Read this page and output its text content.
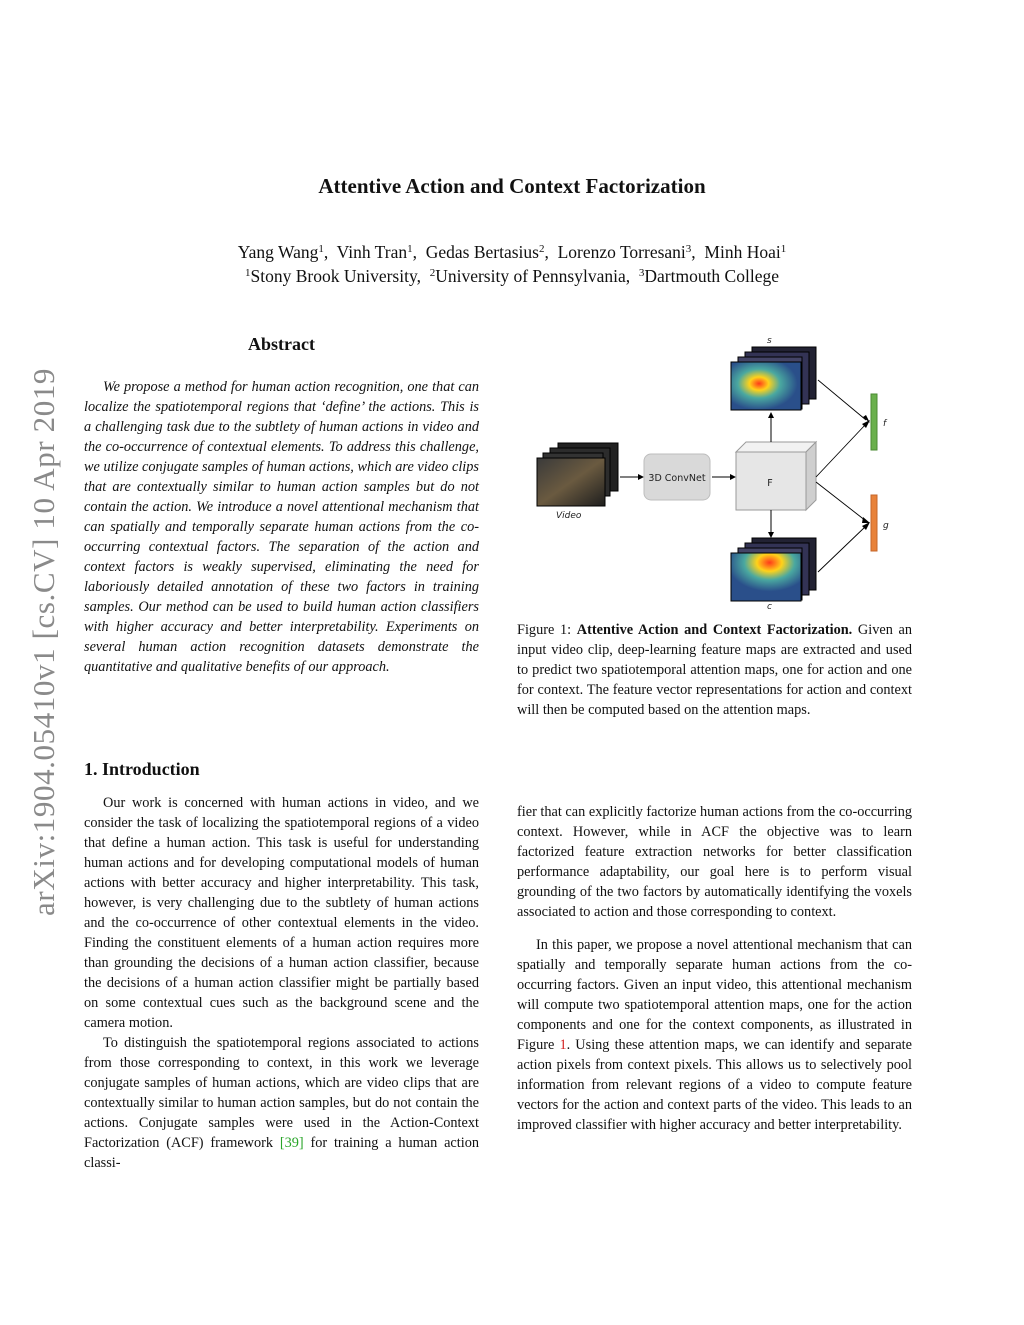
Attentive Action and Context Factorization
Yang Wang$^1$,  Vinh Tran$^1$,  Gedas Bertasius$^2$,  Lorenzo Torresani$^3$,  Minh Hoai$^1$
$^1$Stony Brook University,  $^2$University of Pennsylvania,  $^3$Dartmouth College
arXiv:1904.05410v1 [cs.CV] 10 Apr 2019
Abstract

We propose a method for human action recognition, one that can localize the spatiotemporal regions that ‘define’ the actions. This is a challenging task due to the subtlety of human actions in video and the co-occurrence of contextual elements. To address this challenge, we utilize conjugate samples of human actions, which are video clips that are contextually similar to human action samples but do not contain the action. We introduce a novel attentional mechanism that can spatially and temporally separate human actions from the co-occurring contextual factors. The separation of the action and context factors is weakly supervised, eliminating the need for laboriously detailed annotation of these two factors in training samples. Our method can be used to build human action classifiers with higher accuracy and better interpretability. Experiments on several human action recognition datasets demonstrate the quantitative and qualitative benefits of our approach.

1. Introduction

Our work is concerned with human actions in video, and we consider the task of localizing the spatiotemporal regions of a video that define a human action. This task is useful for understanding human actions and for developing computational models of human actions with better accuracy and higher interpretability. This task, however, is very challenging due to the subtlety of human actions and the co-occurrence of other contextual elements in the video. Finding the constituent elements of a human action requires more than grounding the decisions of a human action classifier, because the decisions of a human action classifier might be partially based on some contextual cues such as the background scene and the camera motion.

To distinguish the spatiotemporal regions associated to actions from those corresponding to context, in this work we leverage conjugate samples of human actions, which are video clips that are contextually similar to human action samples, but do not contain the actions. Conjugate samples were used in the Action-Context Factorization (ACF) framework [39] for training a human action classi-

s
Video
3D ConvNet	F
c
f
g

Figure 1: Attentive Action and Context Factorization. Given an input video clip, deep-learning feature maps are extracted and used to predict two spatiotemporal attention maps, one for action and one for context. The feature vector representations for action and context will then be computed based on the attention maps.

fier that can explicitly factorize human actions from the co-occurring context. However, while in ACF the objective was to learn factorized feature extraction networks for better classification performance adaptability, our goal here is to perform visual grounding of the two factors by automatically identifying the voxels associated to action and those corresponding to context.

In this paper, we propose a novel attentional mechanism that can spatially and temporally separate human actions from the co-occurring factors. Given an input video, this attentional mechanism will compute two spatiotemporal attention maps, one for the action components and one for the context components, as illustrated in Figure 1. Using these attention maps, we can identify and separate action pixels from context pixels. This allows us to selectively pool information from relevant regions of a video to compute feature vectors for the action and context parts of the video. This leads to an improved classifier with higher accuracy and better interpretability.
